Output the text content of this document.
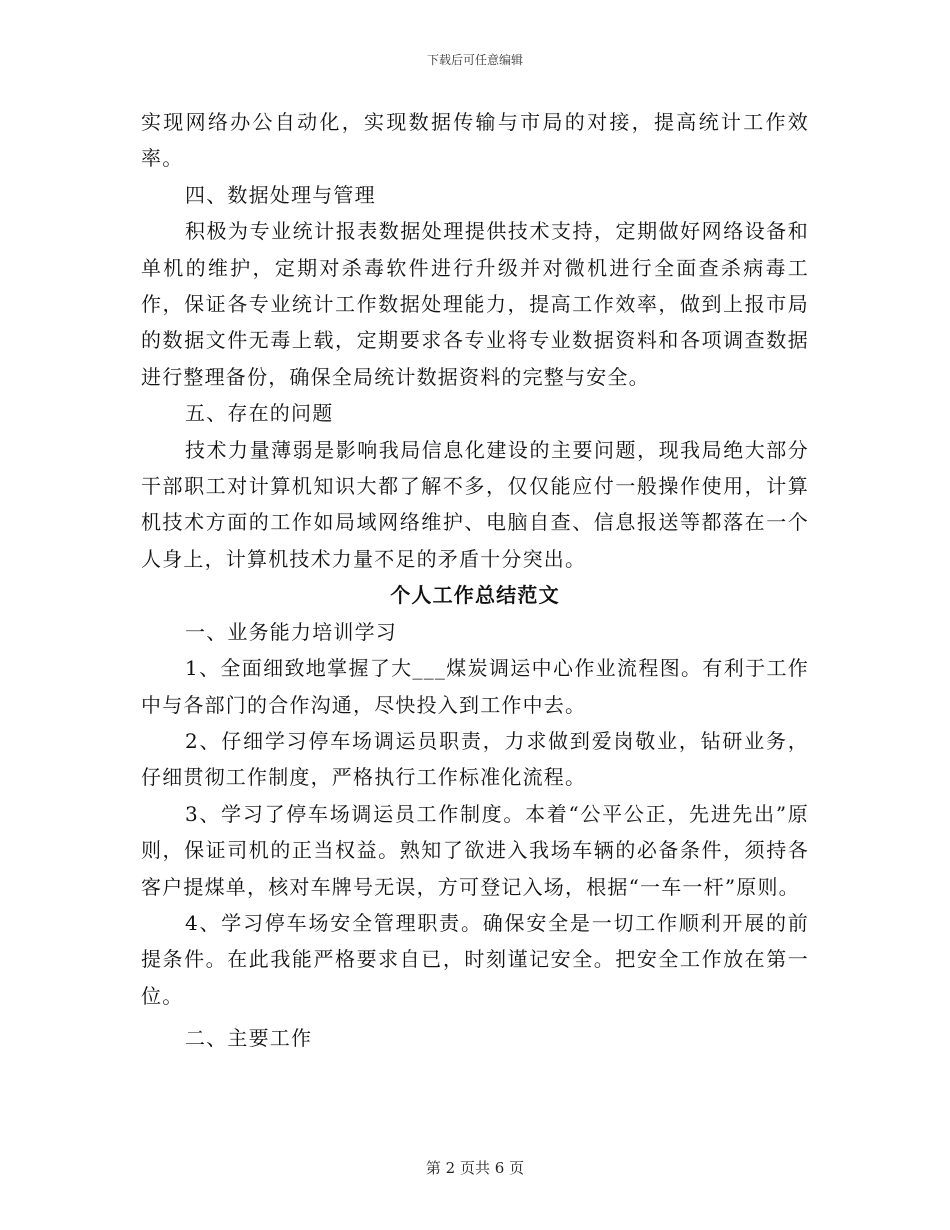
下载后可任意编辑

实现网络办公自动化，实现数据传输与市局的对接，提高统计工作效率。

四、数据处理与管理

积极为专业统计报表数据处理提供技术支持，定期做好网络设备和单机的维护，定期对杀毒软件进行升级并对微机进行全面查杀病毒工作，保证各专业统计工作数据处理能力，提高工作效率，做到上报市局的数据文件无毒上载，定期要求各专业将专业数据资料和各项调查数据进行整理备份，确保全局统计数据资料的完整与安全。

五、存在的问题

技术力量薄弱是影响我局信息化建设的主要问题，现我局绝大部分干部职工对计算机知识大都了解不多，仅仅能应付一般操作使用，计算机技术方面的工作如局域网络维护、电脑自查、信息报送等都落在一个人身上，计算机技术力量不足的矛盾十分突出。

个人工作总结范文

一、业务能力培训学习

1、全面细致地掌握了大___煤炭调运中心作业流程图。有利于工作中与各部门的合作沟通，尽快投入到工作中去。

2、仔细学习停车场调运员职责，力求做到爱岗敬业，钻研业务，仔细贯彻工作制度，严格执行工作标准化流程。

3、学习了停车场调运员工作制度。本着“公平公正，先进先出”原则，保证司机的正当权益。熟知了欲进入我场车辆的必备条件，须持各客户提煤单，核对车牌号无误，方可登记入场，根据“一车一杆”原则。

4、学习停车场安全管理职责。确保安全是一切工作顺利开展的前提条件。在此我能严格要求自已，时刻谨记安全。把安全工作放在第一位。

二、主要工作

第 2 页共 6 页
